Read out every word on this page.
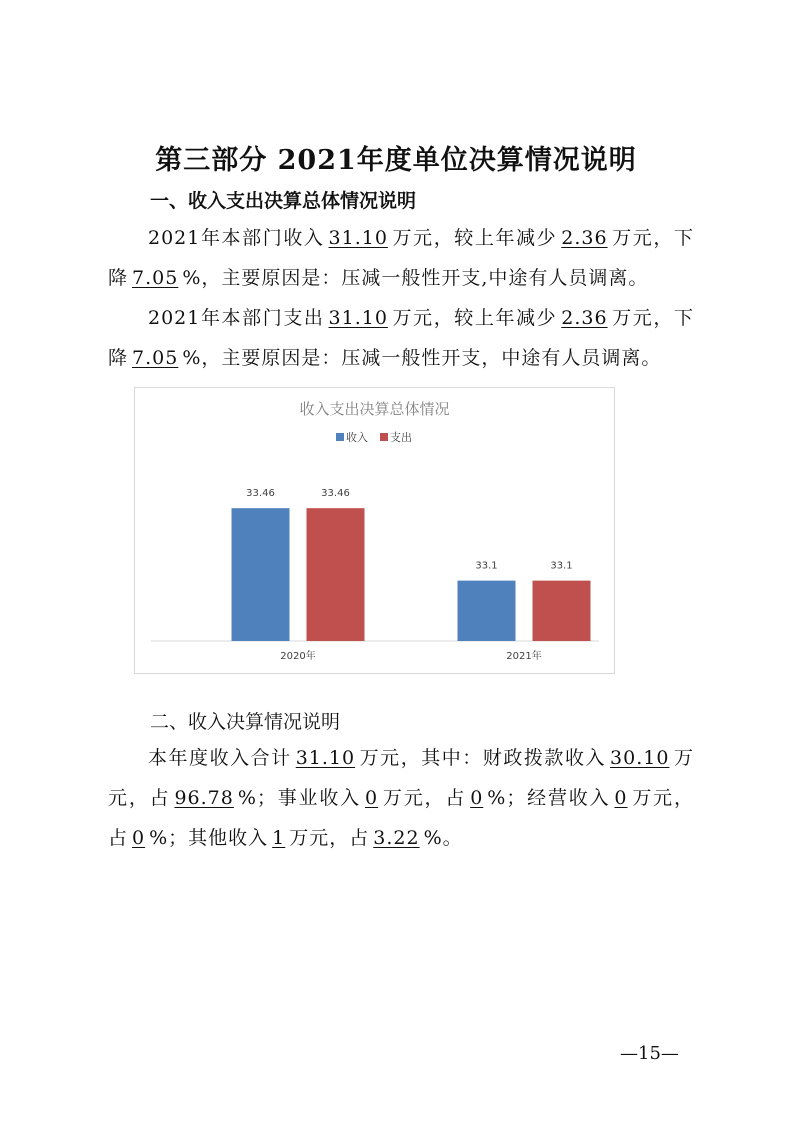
第三部分 2021年度单位决算情况说明
一、收入支出决算总体情况说明

2021年本部门收入 31.10 万元，较上年减少 2.36 万元，下降 7.05 %，主要原因是：压减一般性开支,中途有人员调离。

2021年本部门支出 31.10 万元，较上年减少 2.36 万元，下降 7.05 %，主要原因是：压减一般性开支，中途有人员调离。

收入支出决算总体情况
收入 支出
33.46	33.46
2020年
33.1	33.1
2021年
二、收入决算情况说明

本年度收入合计 31.10 万元，其中：财政拨款收入 30.10 万元，占 96.78 %；事业收入 0 万元，占 0 %；经营收入 0 万元，占 0 %；其他收入 1 万元，占 3.22 %。

—15—
